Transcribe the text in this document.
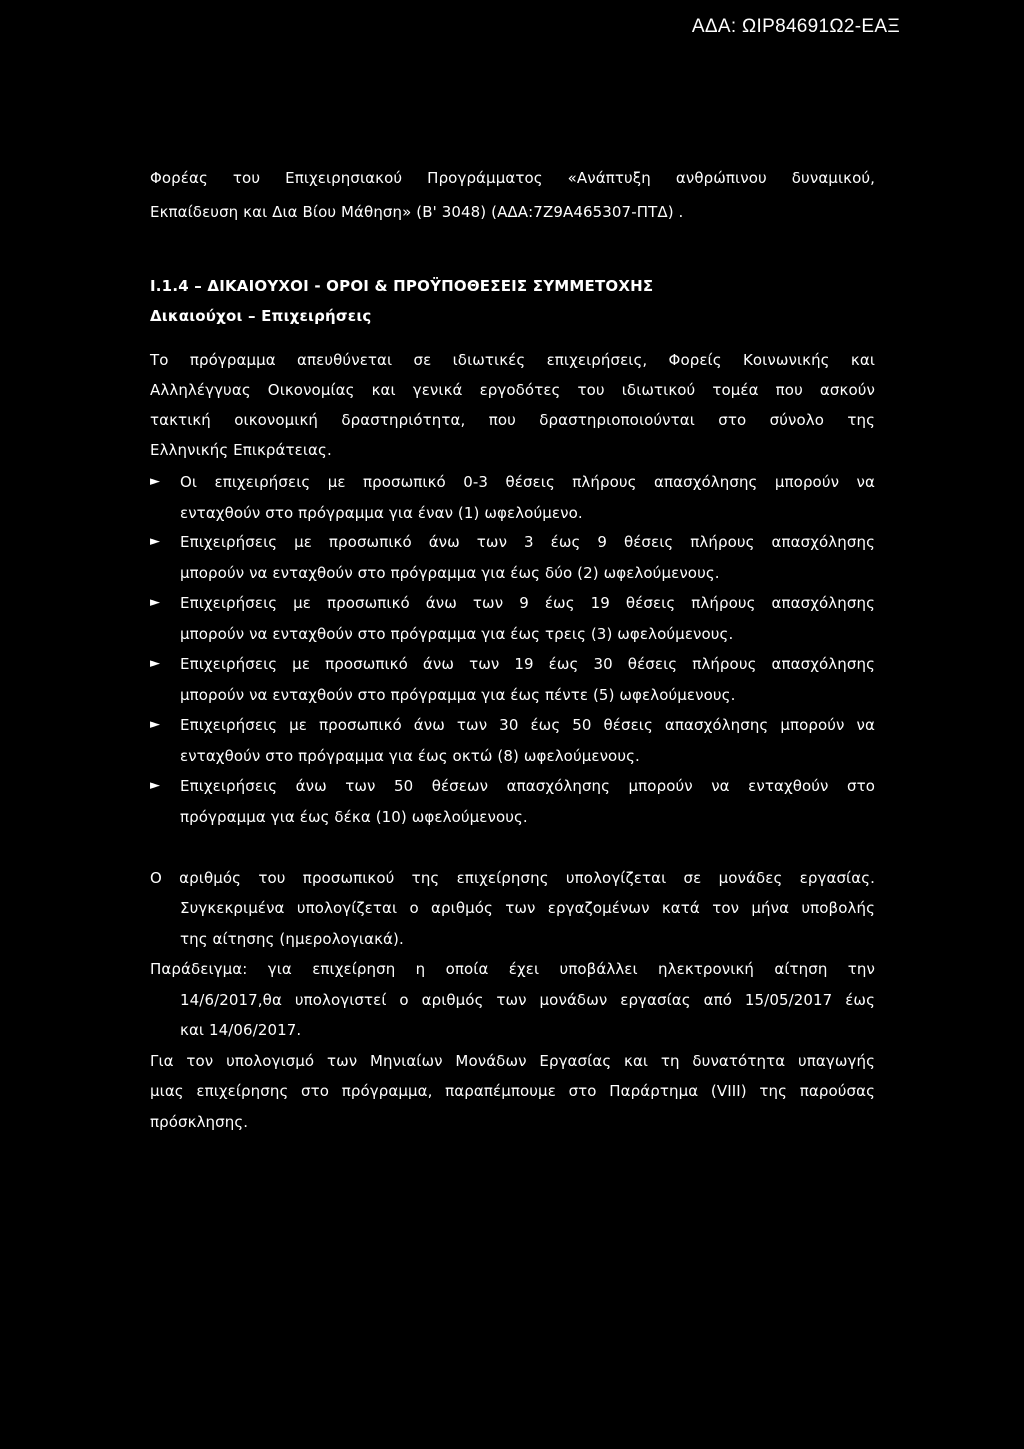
ΑΔΑ: ΩΙΡ84691Ω2-ΕΑΞ
Φορέας του Επιχειρησιακού Προγράμματος «Ανάπτυξη ανθρώπινου δυναμικού,
Εκπαίδευση και Δια Βίου Μάθηση» (Β' 3048) (ΑΔΑ:7Ζ9Α465307-ΠΤΔ) .
Ι.1.4 – ΔΙΚΑΙΟΥΧΟΙ - ΟΡΟΙ & ΠΡΟΫΠΟΘΕΣΕΙΣ ΣΥΜΜΕΤΟΧΗΣ
Δικαιούχοι – Επιχειρήσεις
Το πρόγραμμα απευθύνεται σε ιδιωτικές επιχειρήσεις, Φορείς Κοινωνικής και
Αλληλέγγυας Οικονομίας και γενικά εργοδότες του ιδιωτικού τομέα που ασκούν
τακτική οικονομική δραστηριότητα, που δραστηριοποιούνται στο σύνολο της
Ελληνικής Επικράτειας.
► Οι επιχειρήσεις με προσωπικό 0-3 θέσεις πλήρους απασχόλησης μπορούν να
ενταχθούν στο πρόγραμμα για έναν (1) ωφελούμενο.
► Επιχειρήσεις με προσωπικό άνω των 3 έως 9 θέσεις πλήρους απασχόλησης
μπορούν να ενταχθούν στο πρόγραμμα για έως δύο (2) ωφελούμενους.
► Επιχειρήσεις με προσωπικό άνω των 9 έως 19 θέσεις πλήρους απασχόλησης
μπορούν να ενταχθούν στο πρόγραμμα για έως τρεις (3) ωφελούμενους.
► Επιχειρήσεις με προσωπικό άνω των 19 έως 30 θέσεις πλήρους απασχόλησης
μπορούν να ενταχθούν στο πρόγραμμα για έως πέντε (5) ωφελούμενους.
► Επιχειρήσεις με προσωπικό άνω των 30 έως 50 θέσεις απασχόλησης μπορούν να
ενταχθούν στο πρόγραμμα για έως οκτώ (8) ωφελούμενους.
► Επιχειρήσεις άνω των 50 θέσεων απασχόλησης μπορούν να ενταχθούν στο
πρόγραμμα για έως δέκα (10) ωφελούμενους.
Ο αριθμός του προσωπικού της επιχείρησης υπολογίζεται σε μονάδες εργασίας.
Συγκεκριμένα υπολογίζεται ο αριθμός των εργαζομένων κατά τον μήνα υποβολής
της αίτησης (ημερολογιακά).
Παράδειγμα: για επιχείρηση η οποία έχει υποβάλλει ηλεκτρονική αίτηση την
14/6/2017,θα υπολογιστεί ο αριθμός των μονάδων εργασίας από 15/05/2017 έως
και 14/06/2017.
Για τον υπολογισμό των Μηνιαίων Μονάδων Εργασίας και τη δυνατότητα υπαγωγής
μιας επιχείρησης στο πρόγραμμα, παραπέμπουμε στο Παράρτημα (VIII) της παρούσας
πρόσκλησης.
